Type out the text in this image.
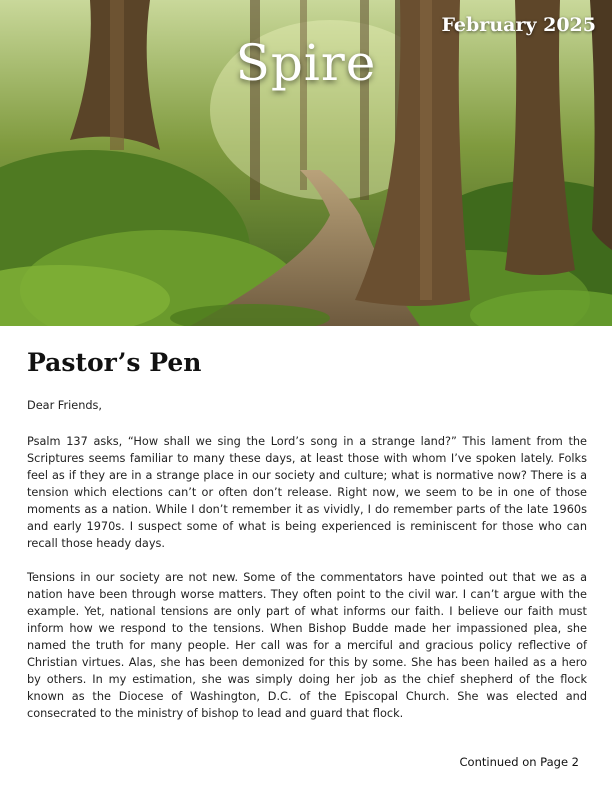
February 2025
Spire
Pastor’s Pen

Dear Friends,

Psalm 137 asks, “How shall we sing the Lord’s song in a strange land?” This lament from the Scriptures seems familiar to many these days, at least those with whom I’ve spoken lately. Folks feel as if they are in a strange place in our society and culture; what is normative now? There is a tension which elections can’t or often don’t release. Right now, we seem to be in one of those moments as a nation. While I don’t remember it as vividly, I do remember parts of the late 1960s and early 1970s. I suspect some of what is being experienced is reminiscent for those who can recall those heady days.

Tensions in our society are not new. Some of the commentators have pointed out that we as a nation have been through worse matters. They often point to the civil war. I can’t argue with the example. Yet, national tensions are only part of what informs our faith. I believe our faith must inform how we respond to the tensions. When Bishop Budde made her impassioned plea, she named the truth for many people. Her call was for a merciful and gracious policy reflective of Christian virtues. Alas, she has been demonized for this by some. She has been hailed as a hero by others. In my estimation, she was simply doing her job as the chief shepherd of the flock known as the Diocese of Washington, D.C. of the Episcopal Church. She was elected and consecrated to the ministry of bishop to lead and guard that flock.

Continued on Page 2
